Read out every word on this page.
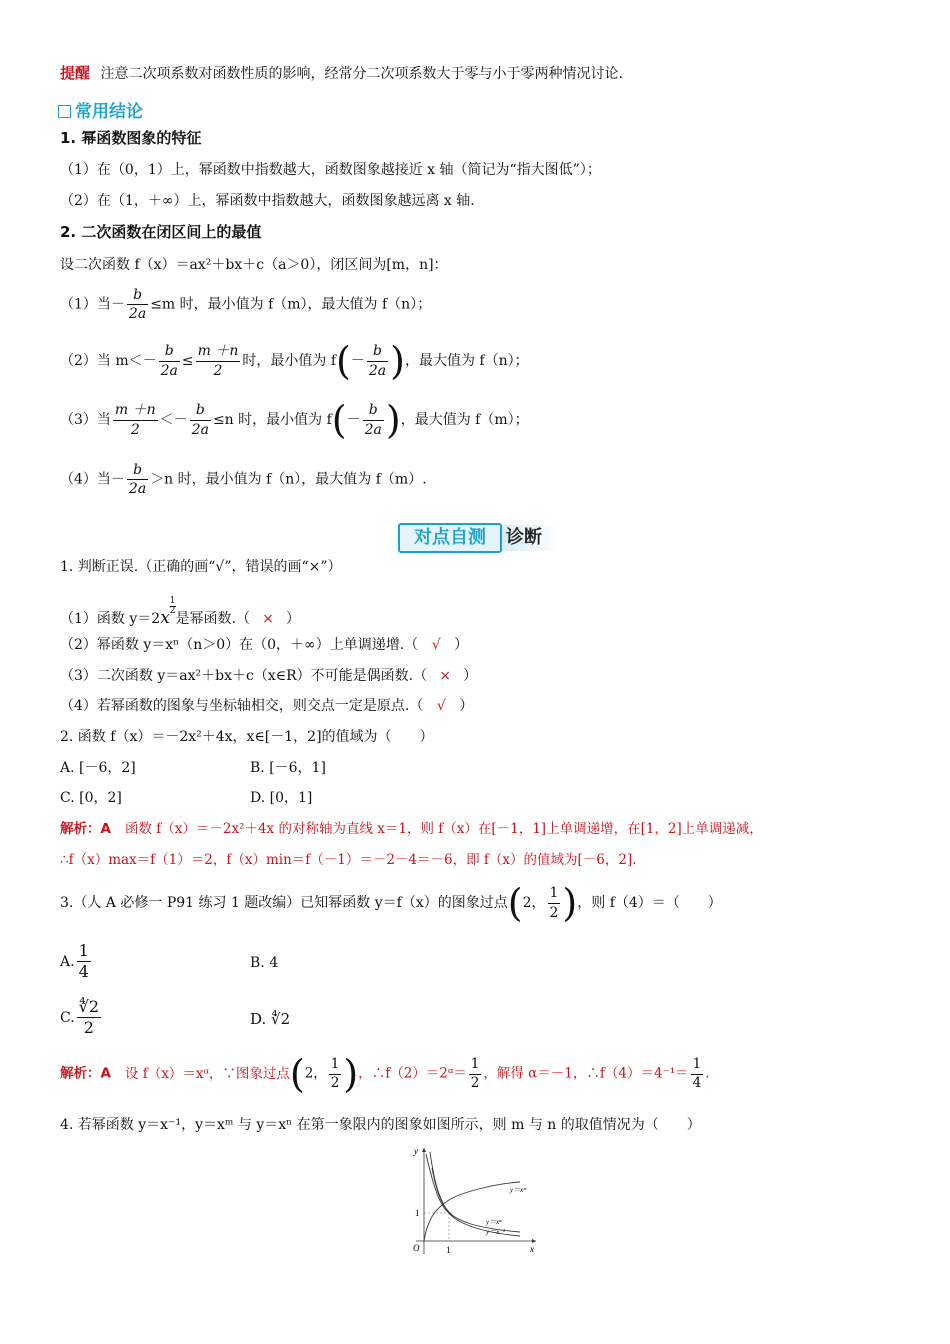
提醒 注意二次项系数对函数性质的影响，经常分二次项系数大于零与小于零两种情况讨论.
常用结论
1. 幂函数图象的特征
（1）在（0，1）上，幂函数中指数越大，函数图象越接近 x 轴（简记为“指大图低”）；
（2）在（1，＋∞）上，幂函数中指数越大，函数图象越远离 x 轴.
2. 二次函数在闭区间上的最值
设二次函数 f（x）＝ax²＋bx＋c（a＞0），闭区间为[m，n]：
（1）当－ $\frac{b}{2a} \le m$ 时，最小值为 f（m），最大值为 f（n）；
（2）当 $m<- \frac{b}{2a} \le \frac{m +n}{2}$ 时，最小值为 $f(- \frac{b}{2a}$ )，最大值为 f（n）；
（3）当 $\frac{m +n}{2} <- \frac{b}{2a} \le n$ 时，最小值为 $f(- \frac{b}{2a}$ )，最大值为 f（m）；
（4）当－ $\frac{b}{2a} >n$ 时，最小值为 f（n），最大值为 f（m）.
对点自测	诊断
1. 判断正误.（正确的画“√”，错误的画“×”）
（1）函数 y＝2x
$\frac{1}{2}$
是幂函数.（ × ）
（2）幂函数 y＝xⁿ（n＞0）在（0，＋∞）上单调递增.（ √ ）
（3）二次函数 y＝ax²＋bx＋c（x∈R）不可能是偶函数.（ × ）
（4）若幂函数的图象与坐标轴相交，则交点一定是原点.（ √ ）
2. 函数 f（x）＝－2x²＋4x，x∈[－1，2]的值域为（　　）
A. [－6，2]	B. [－6，1]
C. [0，2]	D. [0，1]
解析：A 函数 f（x）＝－2x²＋4x 的对称轴为直线 x＝1，则 f（x）在[－1，1]上单调递增，在[1，2]上单调递减，
∴f（x）max＝f（1）＝2，f（x）min＝f（－1）＝－2－4＝－6，即 f（x）的值域为[－6，2].
3.（人 A 必修一 P91 练习 1 题改编）已知幂函数 y＝f（x）的图象过点(2， $\frac{1}{2}$ )，则 f（4）＝（　　）
A. $\frac{1}{4}$	B. 4
C. $\frac{∜2}{2}$	D. ∜2
解析：A 设 f（x）＝xᵅ，∵图象过点(2， $\frac{1}{2}$ )，∴f（2）＝2ᵅ＝ $\frac{1}{2}$ ，解得 α＝－1，∴f（4）＝4⁻¹＝ $\frac{1}{4}$ .
4. 若幂函数 y＝x⁻¹，y＝xᵐ 与 y＝xⁿ 在第一象限内的图象如图所示，则 m 与 n 的取值情况为（　　）
y
x
O	1
1
y＝xᵐ
y＝xⁿ
y＝x⁻¹
